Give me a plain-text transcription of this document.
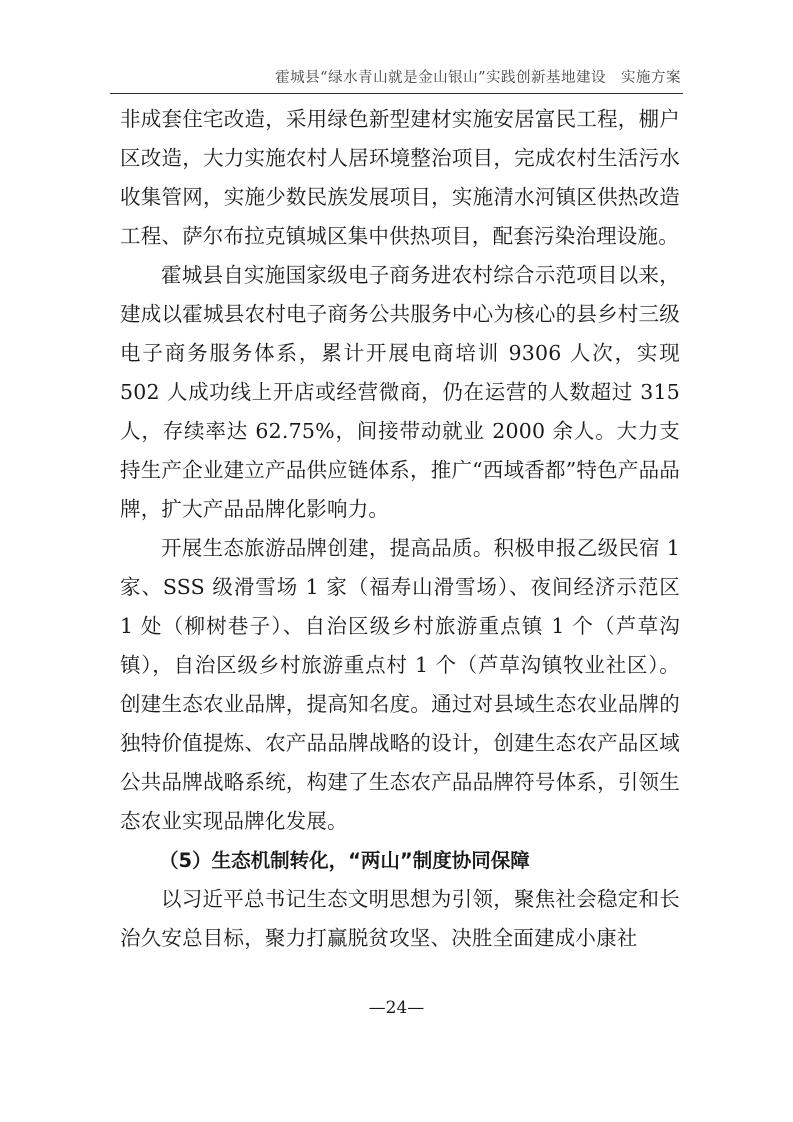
霍城县“绿水青山就是金山银山”实践创新基地建设　实施方案

非成套住宅改造，采用绿色新型建材实施安居富民工程，棚户区改造，大力实施农村人居环境整治项目，完成农村生活污水收集管网，实施少数民族发展项目，实施清水河镇区供热改造工程、萨尔布拉克镇城区集中供热项目，配套污染治理设施。

霍城县自实施国家级电子商务进农村综合示范项目以来，建成以霍城县农村电子商务公共服务中心为核心的县乡村三级电子商务服务体系，累计开展电商培训 9306 人次，实现 502 人成功线上开店或经营微商，仍在运营的人数超过 315 人，存续率达 62.75%，间接带动就业 2000 余人。大力支持生产企业建立产品供应链体系，推广“西域香都”特色产品品牌，扩大产品品牌化影响力。

开展生态旅游品牌创建，提高品质。积极申报乙级民宿 1 家、SSS 级滑雪场 1 家（福寿山滑雪场）、夜间经济示范区 1 处（柳树巷子）、自治区级乡村旅游重点镇 1 个（芦草沟镇），自治区级乡村旅游重点村 1 个（芦草沟镇牧业社区）。创建生态农业品牌，提高知名度。通过对县域生态农业品牌的独特价值提炼、农产品品牌战略的设计，创建生态农产品区域公共品牌战略系统，构建了生态农产品品牌符号体系，引领生态农业实现品牌化发展。

（5）生态机制转化，“两山”制度协同保障

以习近平总书记生态文明思想为引领，聚焦社会稳定和长治久安总目标，聚力打赢脱贫攻坚、决胜全面建成小康社

—24—
